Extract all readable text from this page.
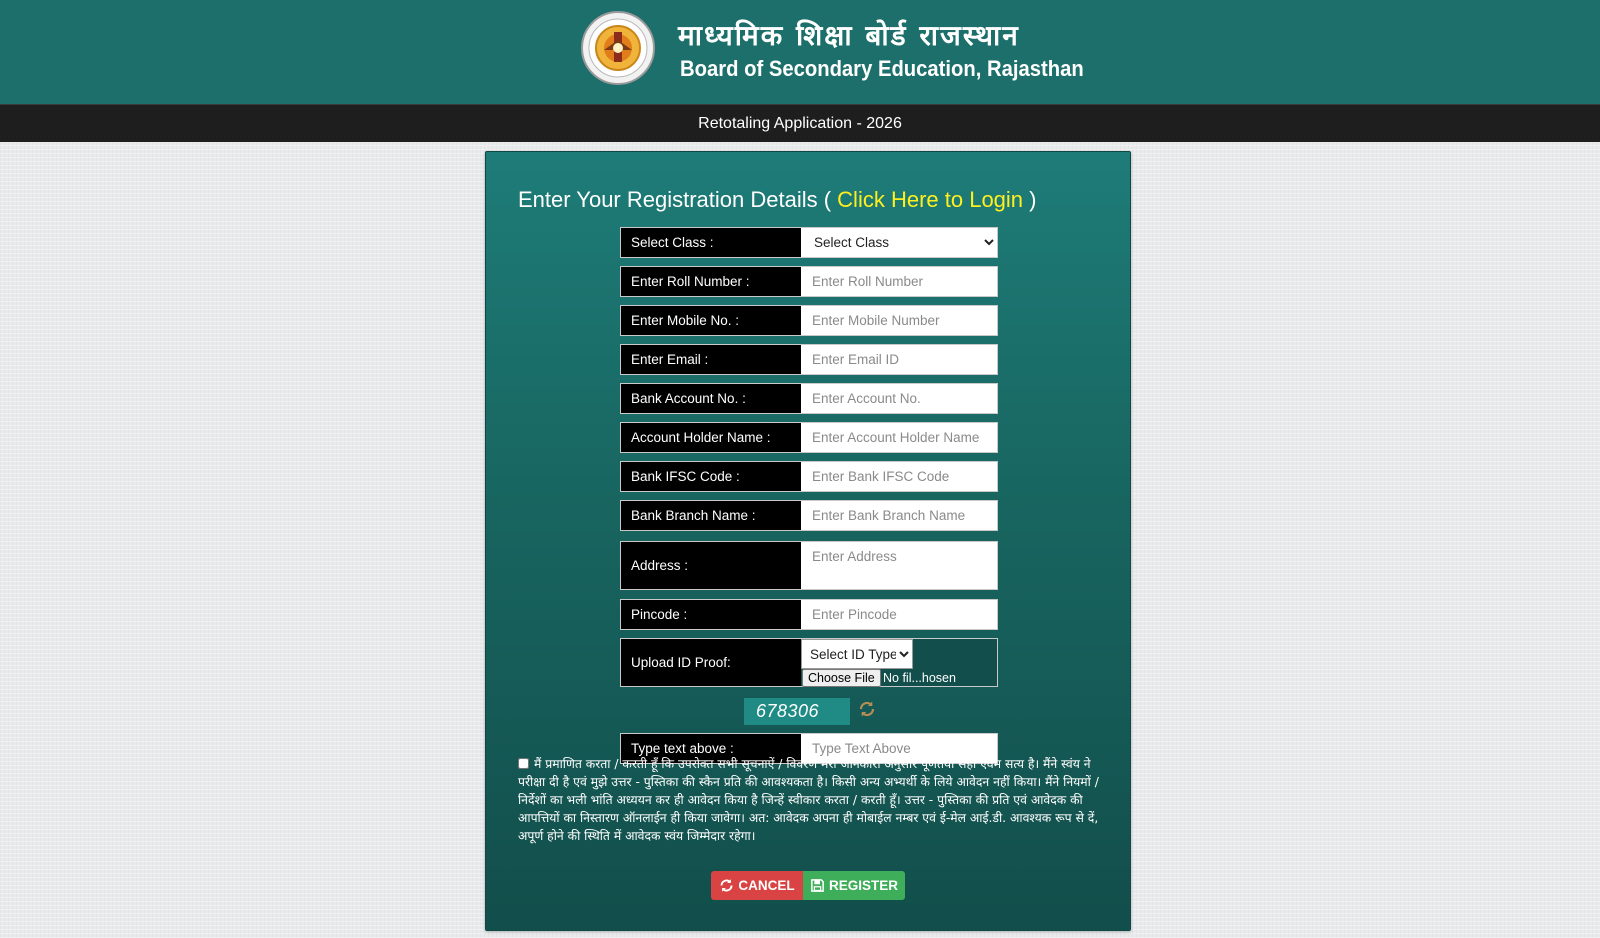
माध्यमिक शिक्षा बोर्ड राजस्थान
Board of Secondary Education, Rajasthan
Retotaling Application - 2026
Enter Your Registration Details ( Click Here to Login )
Select Class :
Select Class
Enter Roll Number :
Enter Roll Number
Enter Mobile No. :
Enter Mobile Number
Enter Email :
Enter Email ID
Bank Account No. :
Enter Account No.
Account Holder Name :
Enter Account Holder Name
Bank IFSC Code :
Enter Bank IFSC Code
Bank Branch Name :
Enter Bank Branch Name
Address :
Enter Address
Pincode :
Enter Pincode
Upload ID Proof:
Select ID Type
Choose File No fil...hosen
678306
Type text above :
Type Text Above
मैं प्रमाणित करता / करती हूँ कि उपरोक्त सभी सूचनाऐं / विवरण मेरी जानकारी अनुसार पूर्णतया सही एवम सत्य है। मैंने स्वंय ने परीक्षा दी है एवं मुझे उत्तर - पुस्तिका की स्कैन प्रति की आवश्यकता है। किसी अन्य अभ्यर्थी के लिये आवेदन नहीं किया। मैंने नियमों / निर्देशों का भली भांति अध्ययन कर ही आवेदन किया है जिन्हें स्वीकार करता / करती हूँ। उत्तर - पुस्तिका की प्रति एवं आवेदक की आपत्तियों का निस्तारण ऑनलाईन ही किया जावेगा। अत: आवेदक अपना ही मोबाईल नम्बर एवं ई-मेल आई.डी. आवश्यक रूप से दें, अपूर्ण होने की स्थिति में आवेदक स्वंय जिम्मेदार रहेगा।
CANCEL	REGISTER
